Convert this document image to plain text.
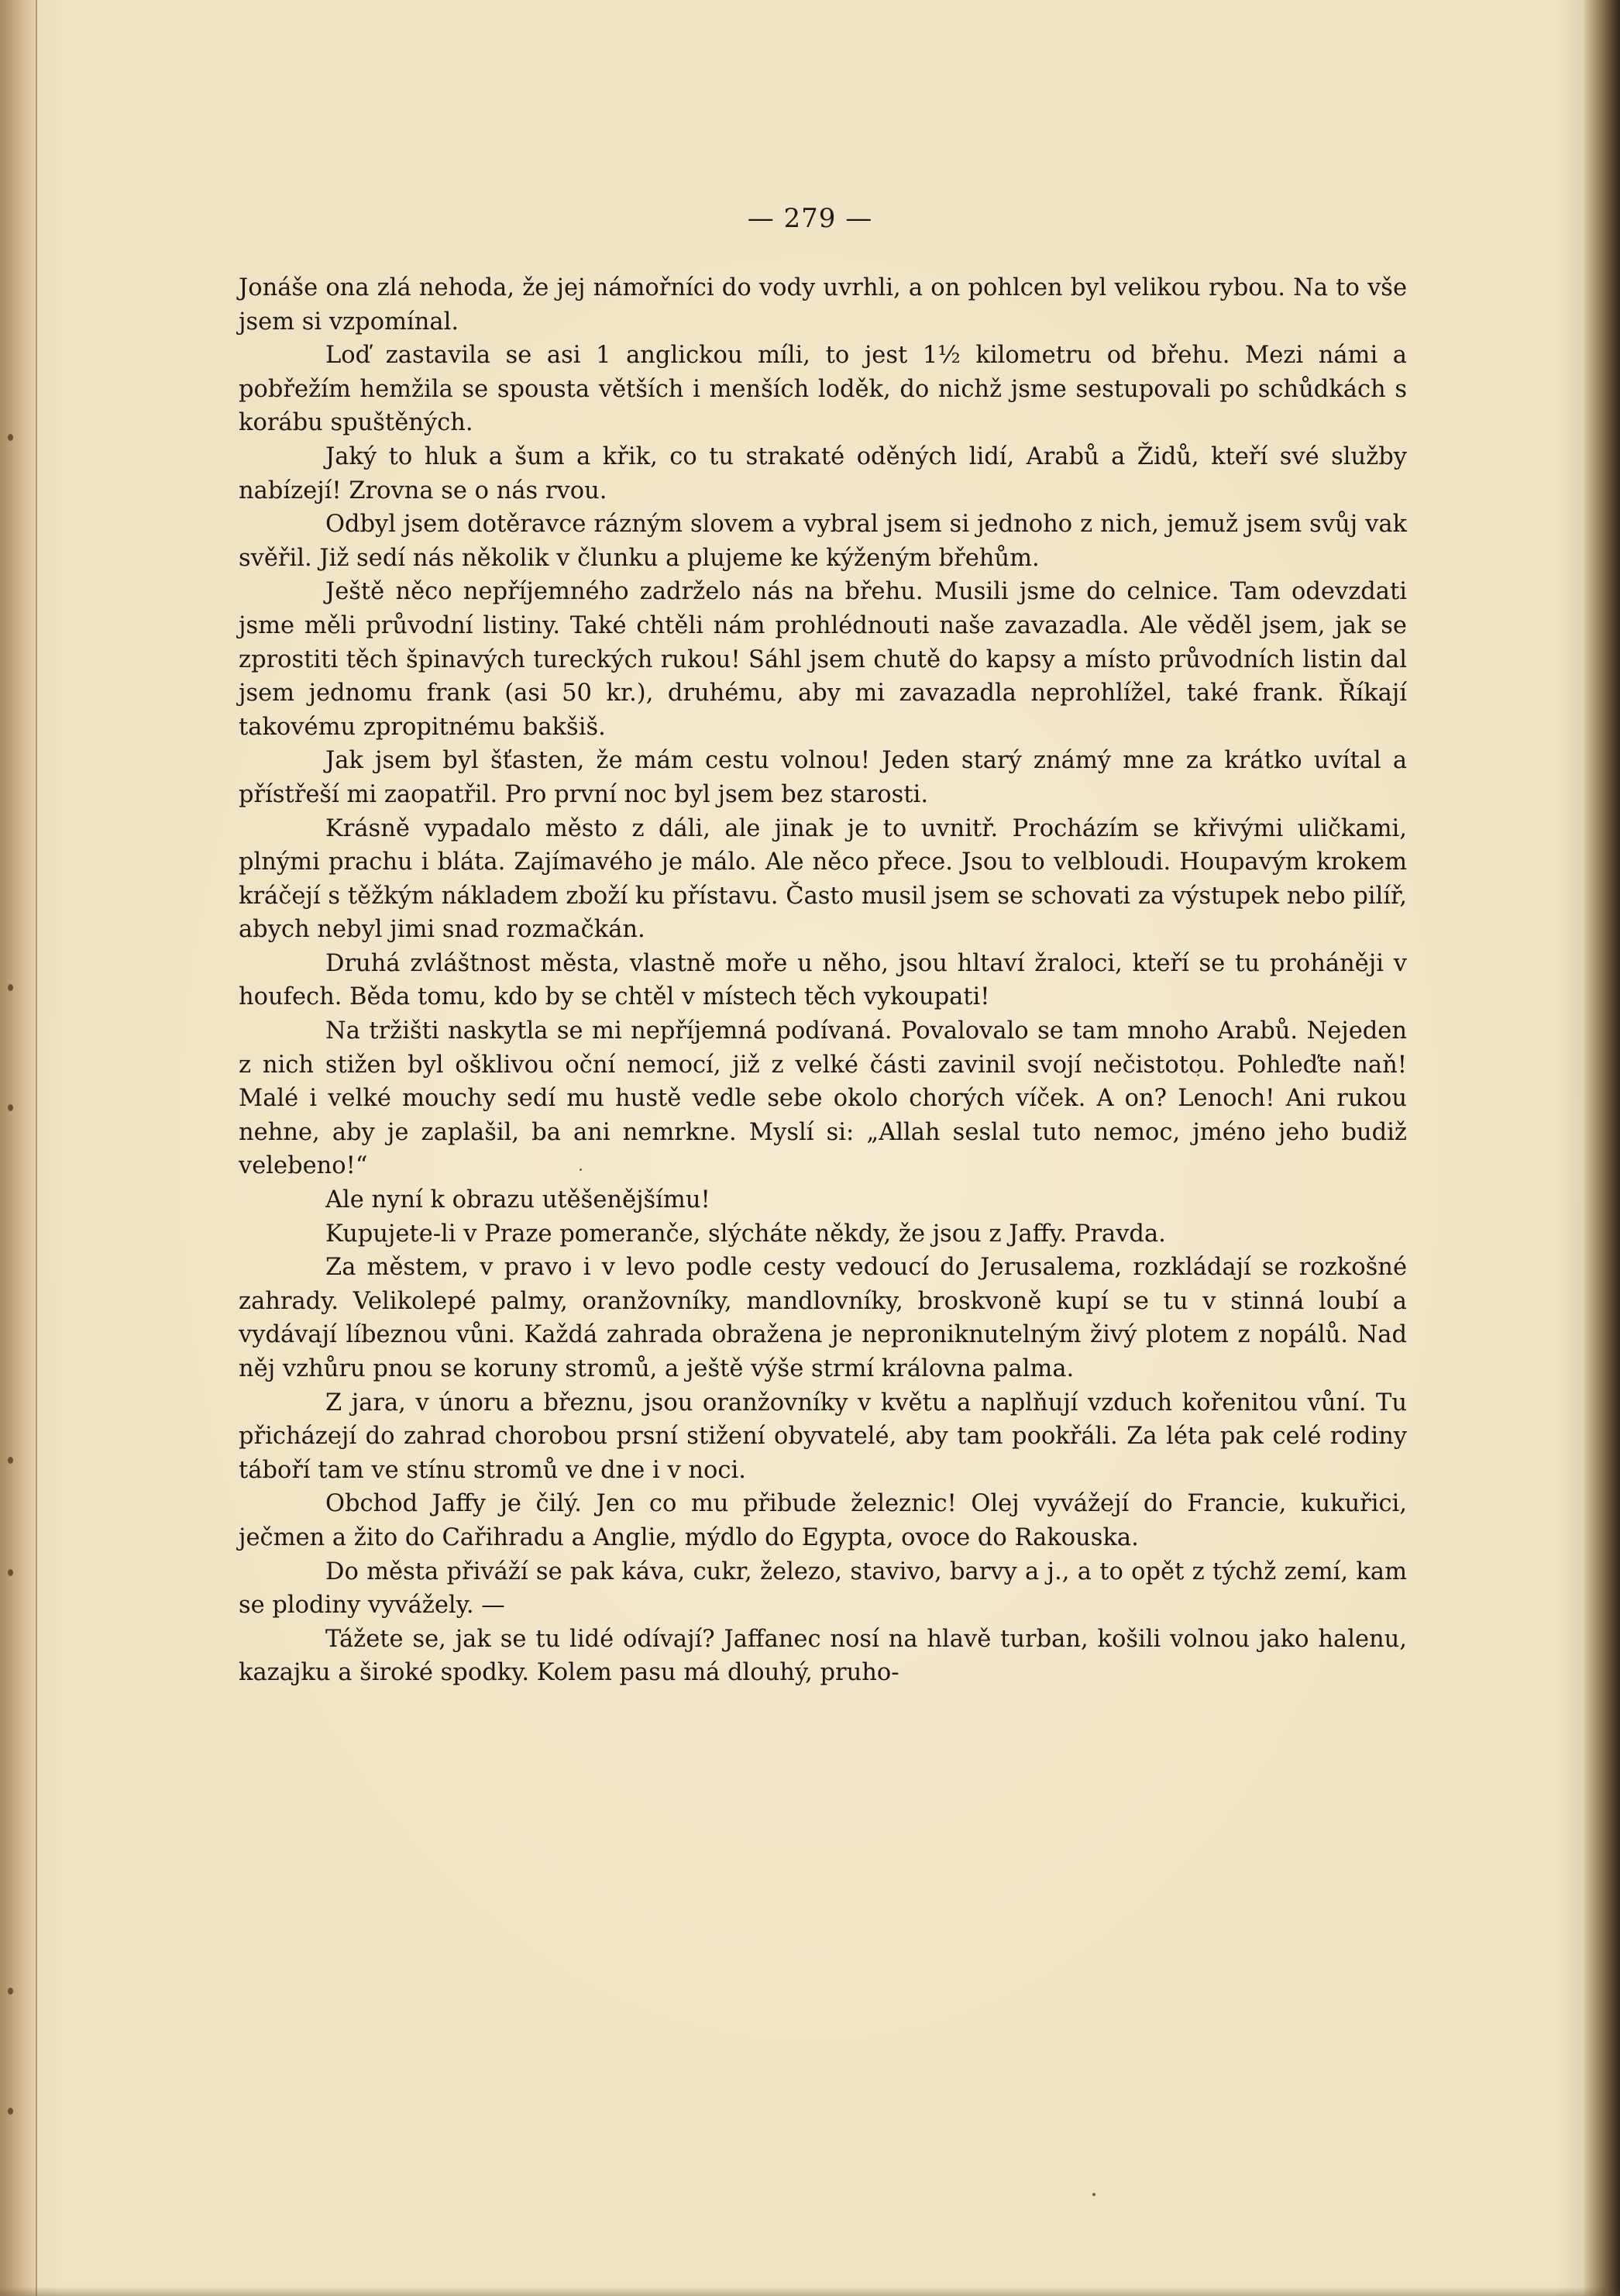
— 279 —

Jonáše ona zlá nehoda, že jej námořníci do vody uvrhli, a on pohlcen byl velikou rybou. Na to vše jsem si vzpomínal.

Loď zastavila se asi 1 anglickou míli, to jest 1½ kilometru od břehu. Mezi námi a pobřežím hemžila se spousta větších i menších loděk, do nichž jsme sestupovali po schůdkách s korábu spuštěných.

Jaký to hluk a šum a křik, co tu strakaté oděných lidí, Arabů a Židů, kteří své služby nabízejí! Zrovna se o nás rvou.

Odbyl jsem dotěravce rázným slovem a vybral jsem si jednoho z nich, jemuž jsem svůj vak svěřil. Již sedí nás několik v člunku a plujeme ke kýženým břehům.

Ještě něco nepříjemného zadrželo nás na břehu. Musili jsme do celnice. Tam odevzdati jsme měli průvodní listiny. Také chtěli nám prohlédnouti naše zavazadla. Ale věděl jsem, jak se zprostiti těch špinavých tureckých rukou! Sáhl jsem chutě do kapsy a místo průvodních listin dal jsem jednomu frank (asi 50 kr.), druhému, aby mi zavazadla neprohlížel, také frank. Říkají takovému zpropitnému bakšiš.

Jak jsem byl šťasten, že mám cestu volnou! Jeden starý známý mne za krátko uvítal a přístřeší mi zaopatřil. Pro první noc byl jsem bez starosti.

Krásně vypadalo město z dáli, ale jinak je to uvnitř. Procházím se křivými uličkami, plnými prachu i bláta. Zajímavého je málo. Ale něco přece. Jsou to velbloudi. Houpavým krokem kráčejí s těžkým nákladem zboží ku přístavu. Často musil jsem se schovati za výstupek nebo pilíř, abych nebyl jimi snad rozmačkán.

Druhá zvláštnost města, vlastně moře u něho, jsou hltaví žraloci, kteří se tu proháněji v houfech. Běda tomu, kdo by se chtěl v místech těch vykoupati!

Na tržišti naskytla se mi nepříjemná podívaná. Povalovalo se tam mnoho Arabů. Nejeden z nich stižen byl ošklivou oční nemocí, již z velké části zavinil svojí nečistotou. Pohleďte naň! Malé i velké mouchy sedí mu hustě vedle sebe okolo chorých víček. A on? Lenoch! Ani rukou nehne, aby je zaplašil, ba ani nemrkne. Myslí si: „Allah seslal tuto nemoc, jméno jeho budiž velebeno!“

Ale nyní k obrazu utěšenějšímu!

Kupujete-li v Praze pomeranče, slýcháte někdy, že jsou z Jaffy. Pravda.

Za městem, v pravo i v levo podle cesty vedoucí do Jerusalema, rozkládají se rozkošné zahrady. Velikolepé palmy, oranžovníky, mandlovníky, broskvoně kupí se tu v stinná loubí a vydávají líbeznou vůni. Každá zahrada obražena je neproniknutelným živý plotem z nopálů. Nad něj vzhůru pnou se koruny stromů, a ještě výše strmí královna palma.

Z jara, v únoru a březnu, jsou oranžovníky v květu a naplňují vzduch kořenitou vůní. Tu přicházejí do zahrad chorobou prsní stižení obyvatelé, aby tam pookřáli. Za léta pak celé rodiny táboří tam ve stínu stromů ve dne i v noci.

Obchod Jaffy je čilý. Jen co mu přibude železnic! Olej vyvážejí do Francie, kukuřici, ječmen a žito do Cařihradu a Anglie, mýdlo do Egypta, ovoce do Rakouska.

Do města přiváží se pak káva, cukr, železo, stavivo, barvy a j., a to opět z týchž zemí, kam se plodiny vyvážely. —

Tážete se, jak se tu lidé odívají? Jaffanec nosí na hlavě turban, košili volnou jako halenu, kazajku a široké spodky. Kolem pasu má dlouhý, pruho-
